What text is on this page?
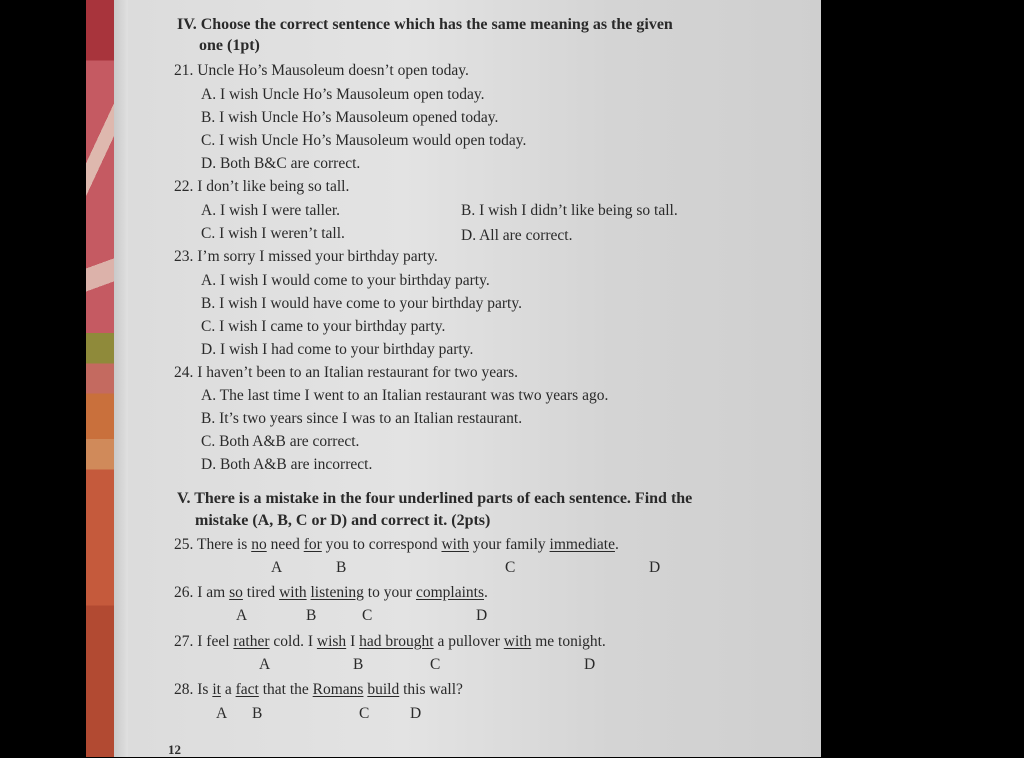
IV. Choose the correct sentence which has the same meaning as the given
one (1pt)
21. Uncle Ho’s Mausoleum doesn’t open today.
A. I wish Uncle Ho’s Mausoleum open today.
B. I wish Uncle Ho’s Mausoleum opened today.
C. I wish Uncle Ho’s Mausoleum would open today.
D. Both B&C are correct.
22. I don’t like being so tall.
A. I wish I were taller.	B. I wish I didn’t like being so tall.
C. I wish I weren’t tall.	D. All are correct.
23. I’m sorry I missed your birthday party.
A. I wish I would come to your birthday party.
B. I wish I would have come to your birthday party.
C. I wish I came to your birthday party.
D. I wish I had come to your birthday party.
24. I haven’t been to an Italian restaurant for two years.
A. The last time I went to an Italian restaurant was two years ago.
B. It’s two years since I was to an Italian restaurant.
C. Both A&B are correct.
D. Both A&B are incorrect.
V. There is a mistake in the four underlined parts of each sentence. Find the
mistake (A, B, C or D) and correct it. (2pts)
25. There is no need for you to correspond with your family immediate.
A	B	C	D
26. I am so tired with listening to your complaints.
A	B	C	D
27. I feel rather cold. I wish I had brought a pullover with me tonight.
A	B	C	D
28. Is it a fact that the Romans build this wall?
A B	C	D
12
